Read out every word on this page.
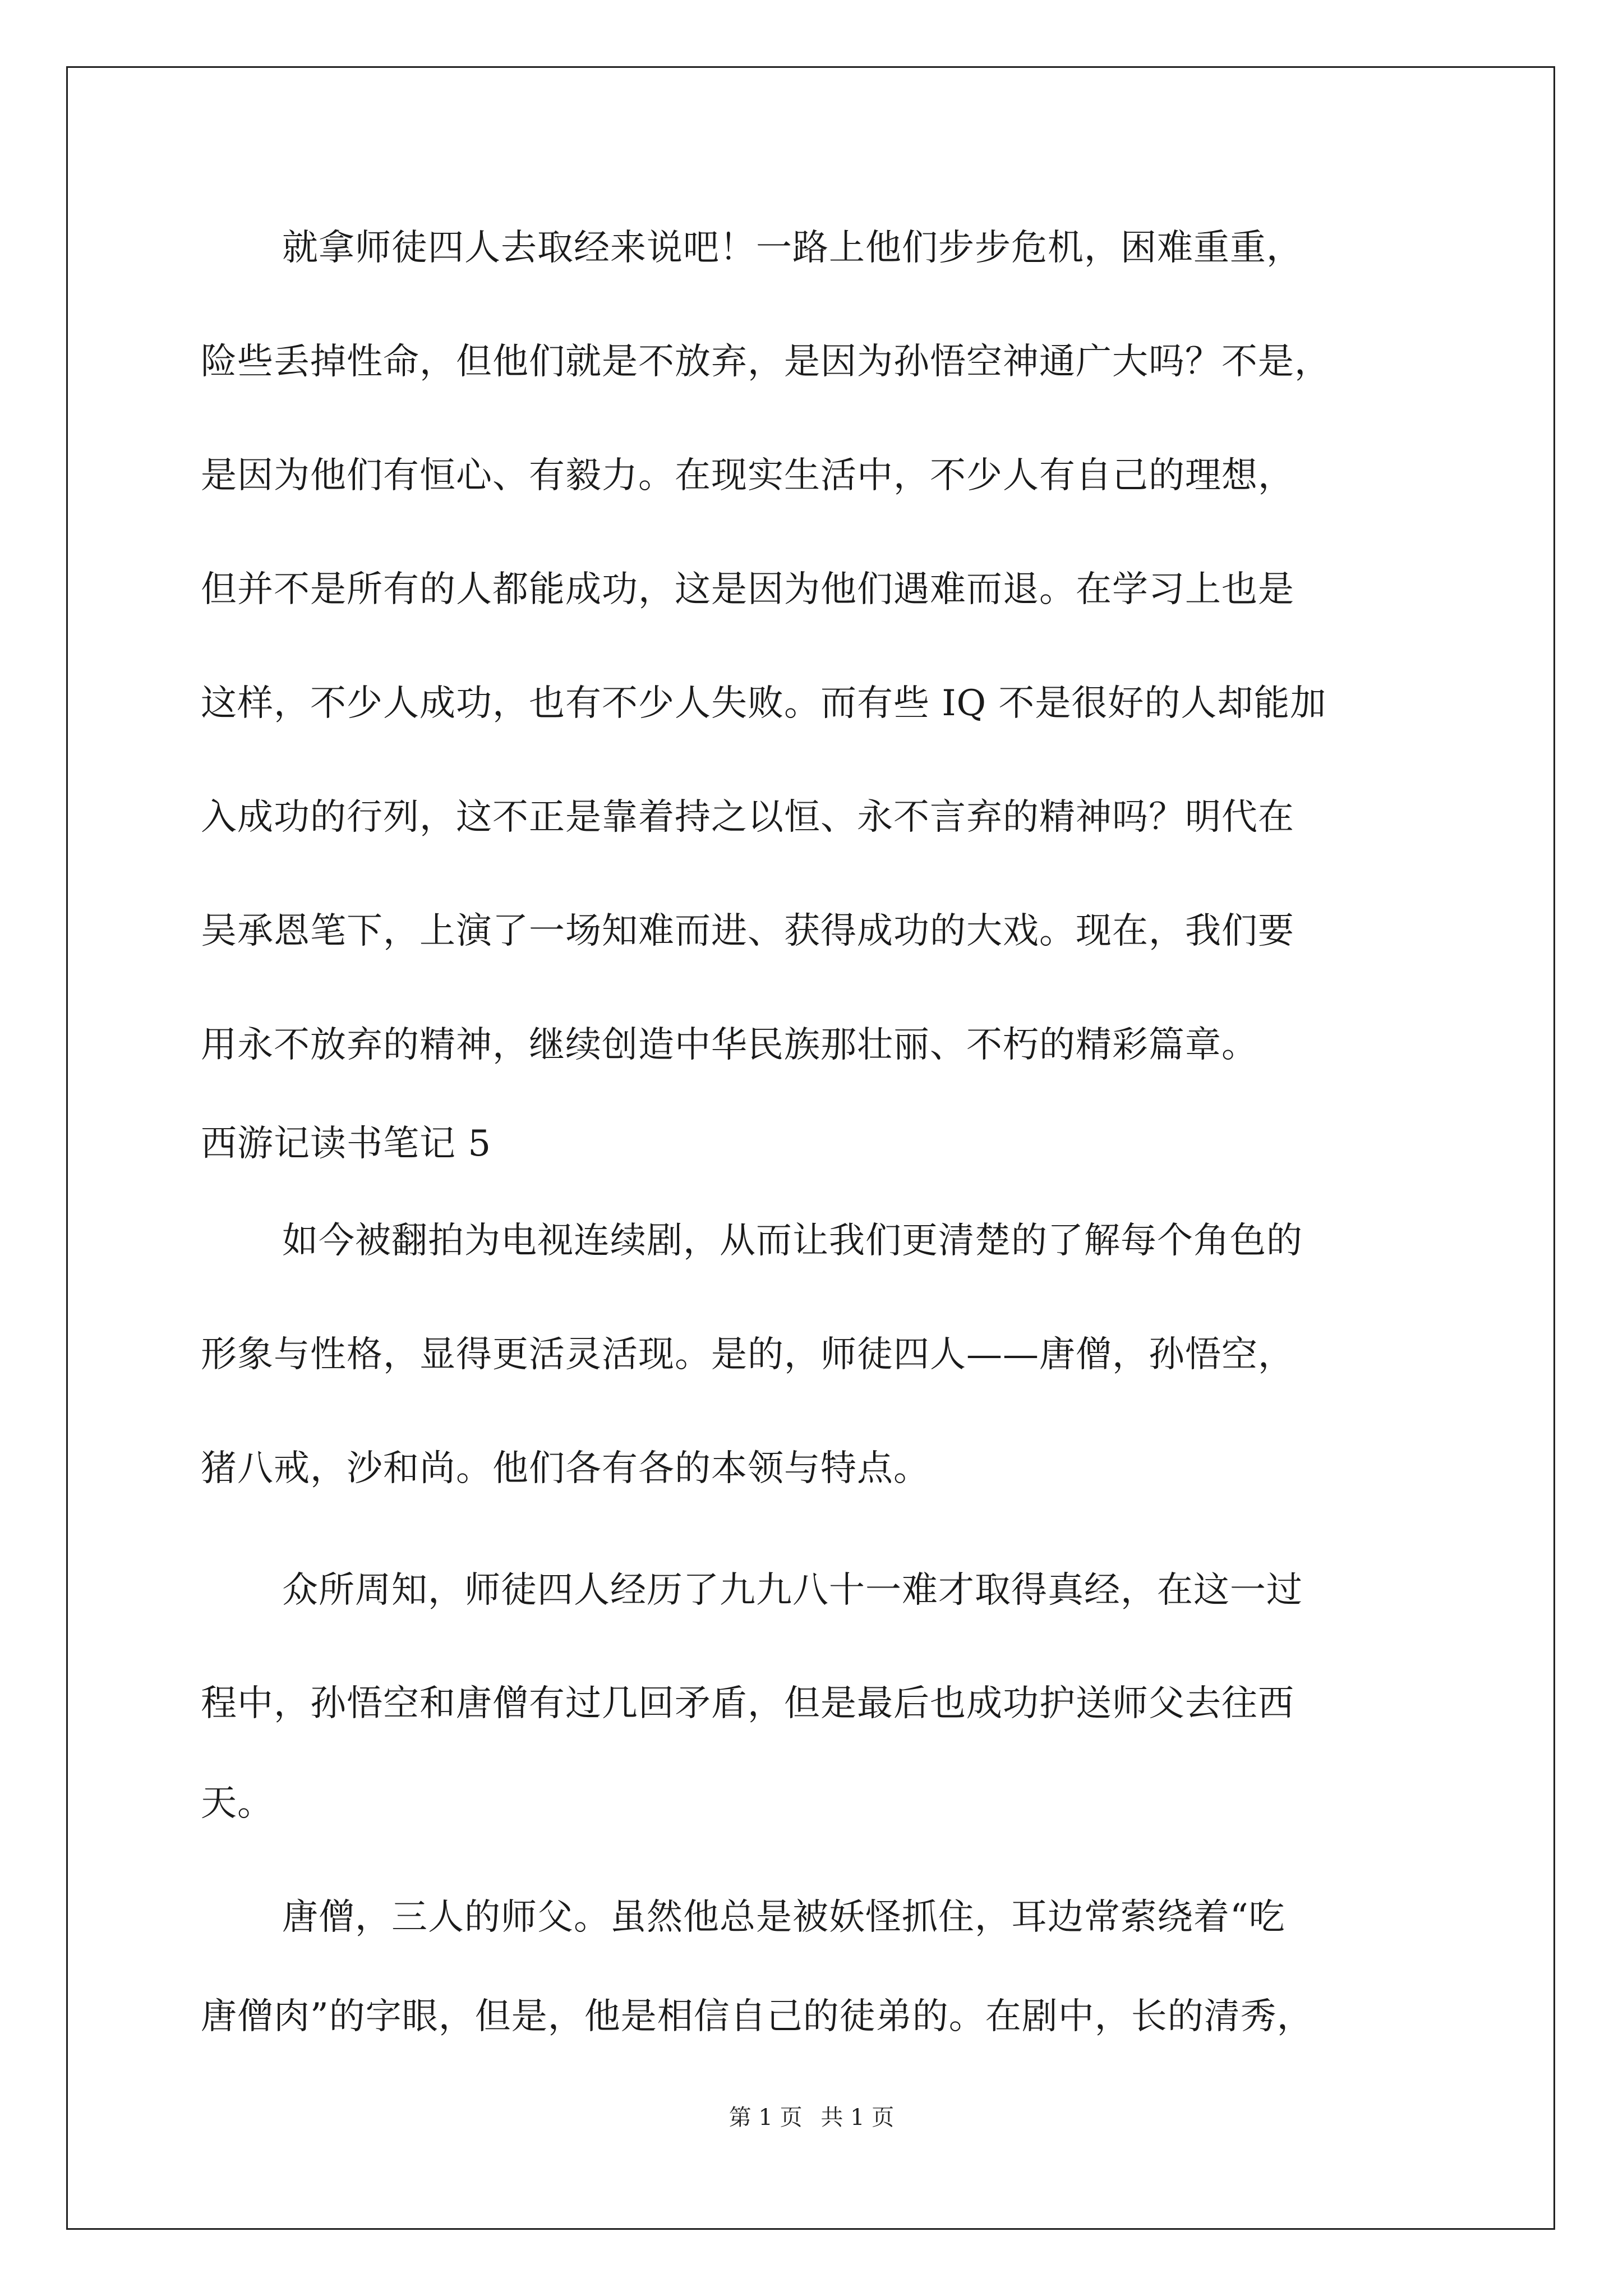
就拿师徒四人去取经来说吧！一路上他们步步危机，困难重重，
险些丢掉性命，但他们就是不放弃，是因为孙悟空神通广大吗？不是，
是因为他们有恒心、有毅力。在现实生活中，不少人有自己的理想，
但并不是所有的人都能成功，这是因为他们遇难而退。在学习上也是
这样，不少人成功，也有不少人失败。而有些 IQ 不是很好的人却能加
入成功的行列，这不正是靠着持之以恒、永不言弃的精神吗？明代在
吴承恩笔下，上演了一场知难而进、获得成功的大戏。现在，我们要
用永不放弃的精神，继续创造中华民族那壮丽、不朽的精彩篇章。
西游记读书笔记 5
如今被翻拍为电视连续剧，从而让我们更清楚的了解每个角色的
形象与性格，显得更活灵活现。是的，师徒四人——唐僧，孙悟空，
猪八戒，沙和尚。他们各有各的本领与特点。
众所周知，师徒四人经历了九九八十一难才取得真经，在这一过
程中，孙悟空和唐僧有过几回矛盾，但是最后也成功护送师父去往西
天。
唐僧，三人的师父。虽然他总是被妖怪抓住，耳边常萦绕着“吃
唐僧肉”的字眼，但是，他是相信自己的徒弟的。在剧中，长的清秀，
第 1 页 共 1 页
